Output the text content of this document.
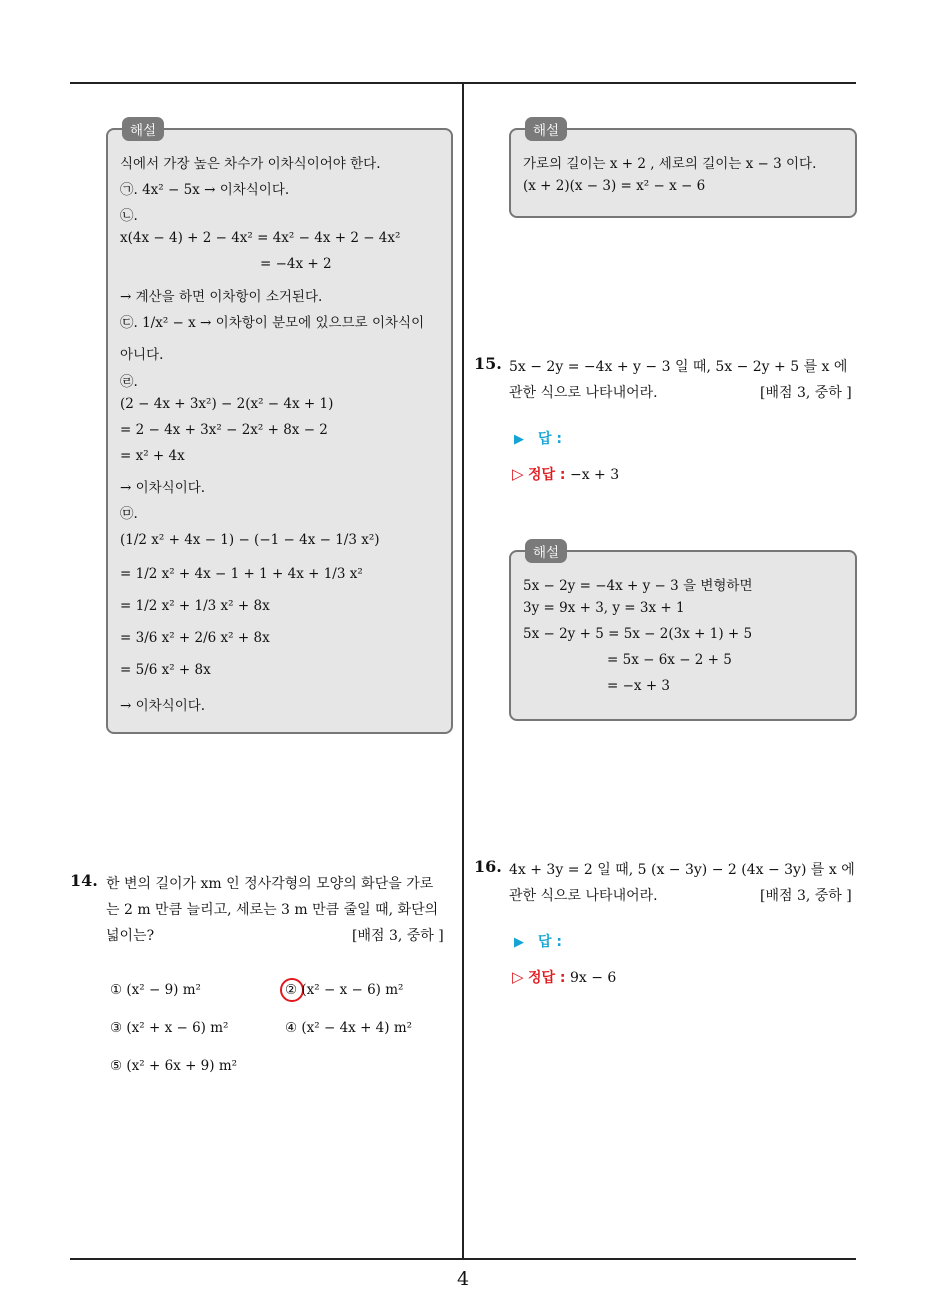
해설
식에서 가장 높은 차수가 이차식이어야 한다.
㉠. 4x² − 5x → 이차식이다.
㉡.
x(4x − 4) + 2 − 4x² = 4x² − 4x + 2 − 4x²
= −4x + 2
→ 계산을 하면 이차항이 소거된다.
㉢. 1/x² − x → 이차항이 분모에 있으므로 이차식이
아니다.
㉣.
(2 − 4x + 3x²) − 2(x² − 4x + 1)
= 2 − 4x + 3x² − 2x² + 8x − 2
= x² + 4x
→ 이차식이다.
㉤.
(1/2 x² + 4x − 1) − (−1 − 4x − 1/3 x²)
= 1/2 x² + 4x − 1 + 1 + 4x + 1/3 x²
= 1/2 x² + 1/3 x² + 8x
= 3/6 x² + 2/6 x² + 8x
= 5/6 x² + 8x
→ 이차식이다.
14. 한 변의 길이가 xm 인 정사각형의 모양의 화단을 가로
는 2 m 만큼 늘리고, 세로는 3 m 만큼 줄일 때, 화단의
넓이는?	[배점 3, 중하 ]
① (x² − 9) m²	② (x² − x − 6) m²
③ (x² + x − 6) m²	④ (x² − 4x + 4) m²
⑤ (x² + 6x + 9) m²
해설
가로의 길이는 x + 2 , 세로의 길이는 x − 3 이다.
(x + 2)(x − 3) = x² − x − 6
15. 5x − 2y = −4x + y − 3 일 때, 5x − 2y + 5 를 x 에
관한 식으로 나타내어라.	[배점 3, 중하 ]
▶ 답 :
▷ 정답 : −x + 3
해설
5x − 2y = −4x + y − 3 을 변형하면
3y = 9x + 3, y = 3x + 1
5x − 2y + 5 = 5x − 2(3x + 1) + 5
= 5x − 6x − 2 + 5
= −x + 3
16. 4x + 3y = 2 일 때, 5 (x − 3y) − 2 (4x − 3y) 를 x 에
관한 식으로 나타내어라.	[배점 3, 중하 ]
▶ 답 :
▷ 정답 : 9x − 6
4
